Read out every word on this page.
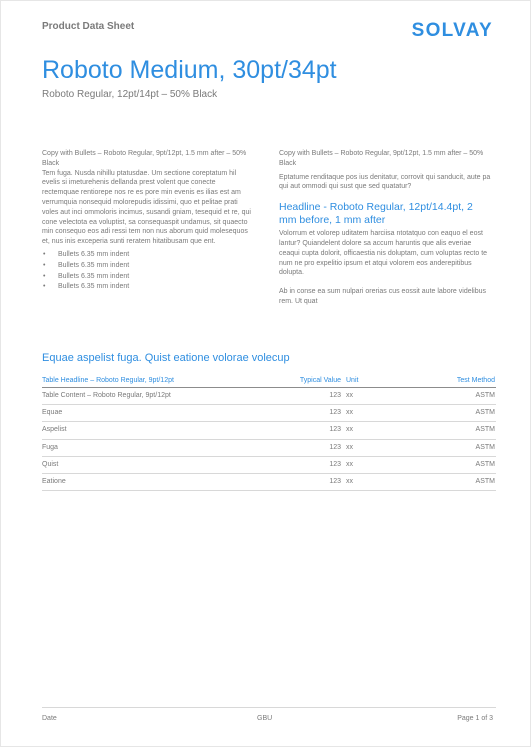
Product Data Sheet	SOLVAY
Roboto Medium, 30pt/34pt
Roboto Regular, 12pt/14pt – 50% Black

Copy with Bullets – Roboto Regular, 9pt/12pt, 1.5 mm after – 50% Black

Tem fuga. Nusda nihillu ptatusdae. Um sectione coreptatum hil evelis si imeturehenis dellanda prest volent que conecte rectemquae rentiorepe nos re es pore min evenis es ilias est am verrumquia nonsequid molorepudis idissimi, quo et pelitae prati voles aut inci ommoloris incimus, susandi gniam, tesequid et re, qui cone velectota ea voluptist, sa consequaspit undamus, sit quaecto min consequo eos adi ressi tem non nus aborum quid molesequos et, nus inis exceperia sunti reratem hitatibusam que ent.

• Bullets 6.35 mm indent
• Bullets 6.35 mm indent
• Bullets 6.35 mm indent
• Bullets 6.35 mm indent

Copy with Bullets – Roboto Regular, 9pt/12pt, 1.5 mm after – 50% Black

Eptatume renditaque pos ius denitatur, corrovit qui sanducit, aute pa qui aut ommodi qui sust que sed quatatur?

Headline - Roboto Regular, 12pt/14.4pt, 2 mm before, 1 mm after

Volorrum et volorep uditatem harciisa ntotatquo con eaquo el eost lantur? Quiandelent dolore sa accum haruntis que alis everiae ceaqui cupta dolorit, officaestia nis doluptam, cum voluptas recto te num ne pro expelitio ipsum et atqui volorem eos anderepitibus dolupta.

Ab in conse ea sum nulpari orerias cus eossit aute labore videlibus rem. Ut quat

Equae aspelist fuga. Quist eatione volorae volecup
Table Headline – Roboto Regular, 9pt/12pt	Typical Value Unit	Test Method
Table Content – Roboto Regular, 9pt/12pt	123 xx	ASTM
Equae	123 xx	ASTM
Aspelist	123 xx	ASTM
Fuga	123 xx	ASTM
Quist	123 xx	ASTM
Eatione	123 xx	ASTM
Date	GBU	Page 1 of 3
